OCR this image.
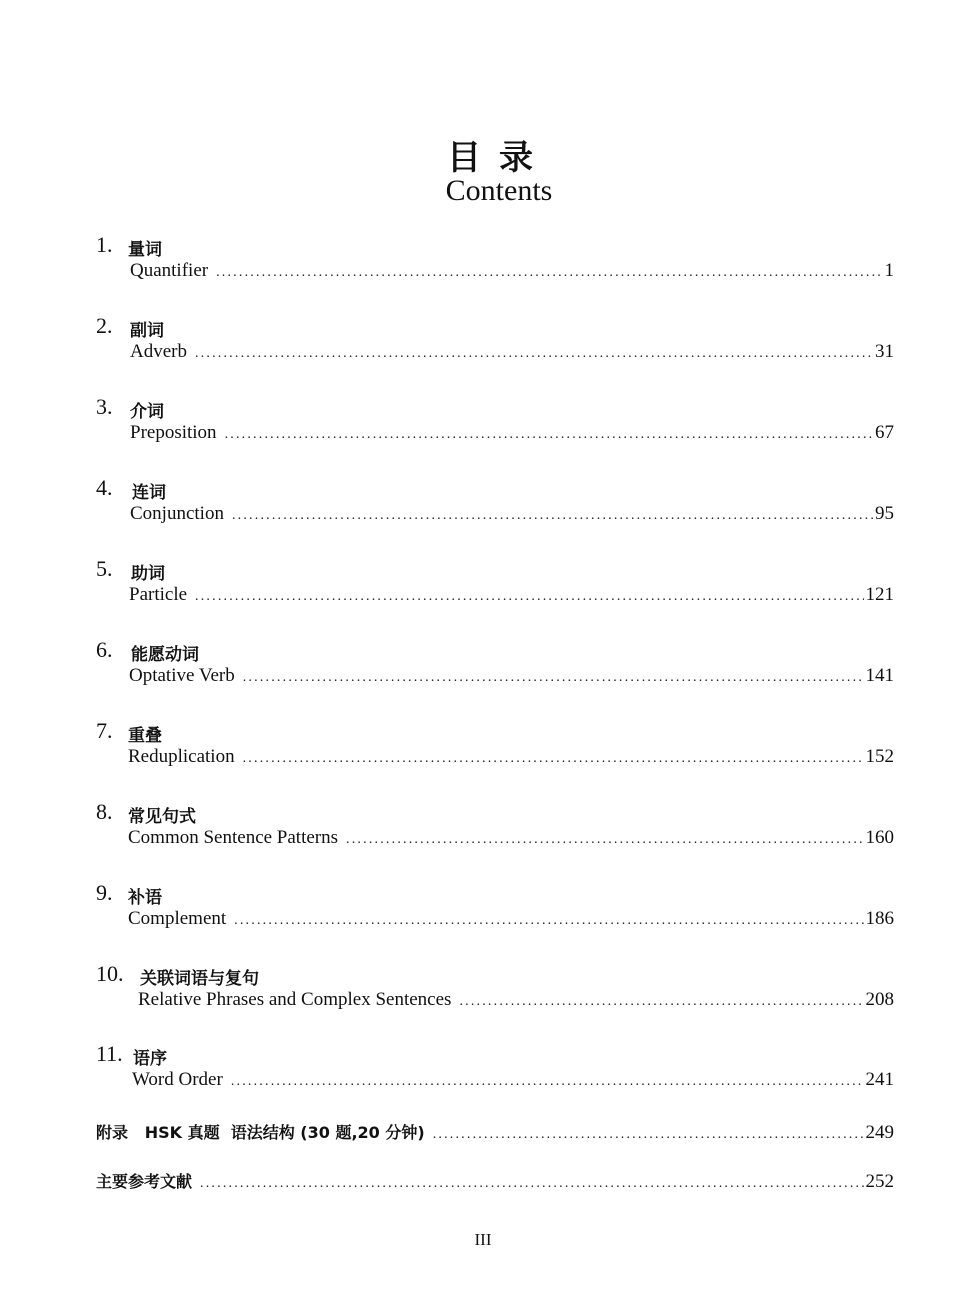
目录
Contents
1. 量词
Quantifier .....	1
2. 副词
Adverb .....	31
3. 介词
Preposition .....	67
4. 连词
Conjunction .....	95
5. 助词
Particle .....	121
6. 能愿动词
Optative Verb .....	141
7. 重叠
Reduplication .....	152
8. 常见句式
Common Sentence Patterns .....	160
9. 补语
Complement .....	186
10. 关联词语与复句
Relative Phrases and Complex Sentences .....	208
11. 语序
Word Order .....	241
附录   HSK 真题  语法结构 (30 题,20 分钟) .....	249
主要参考文献 .....	252
III
